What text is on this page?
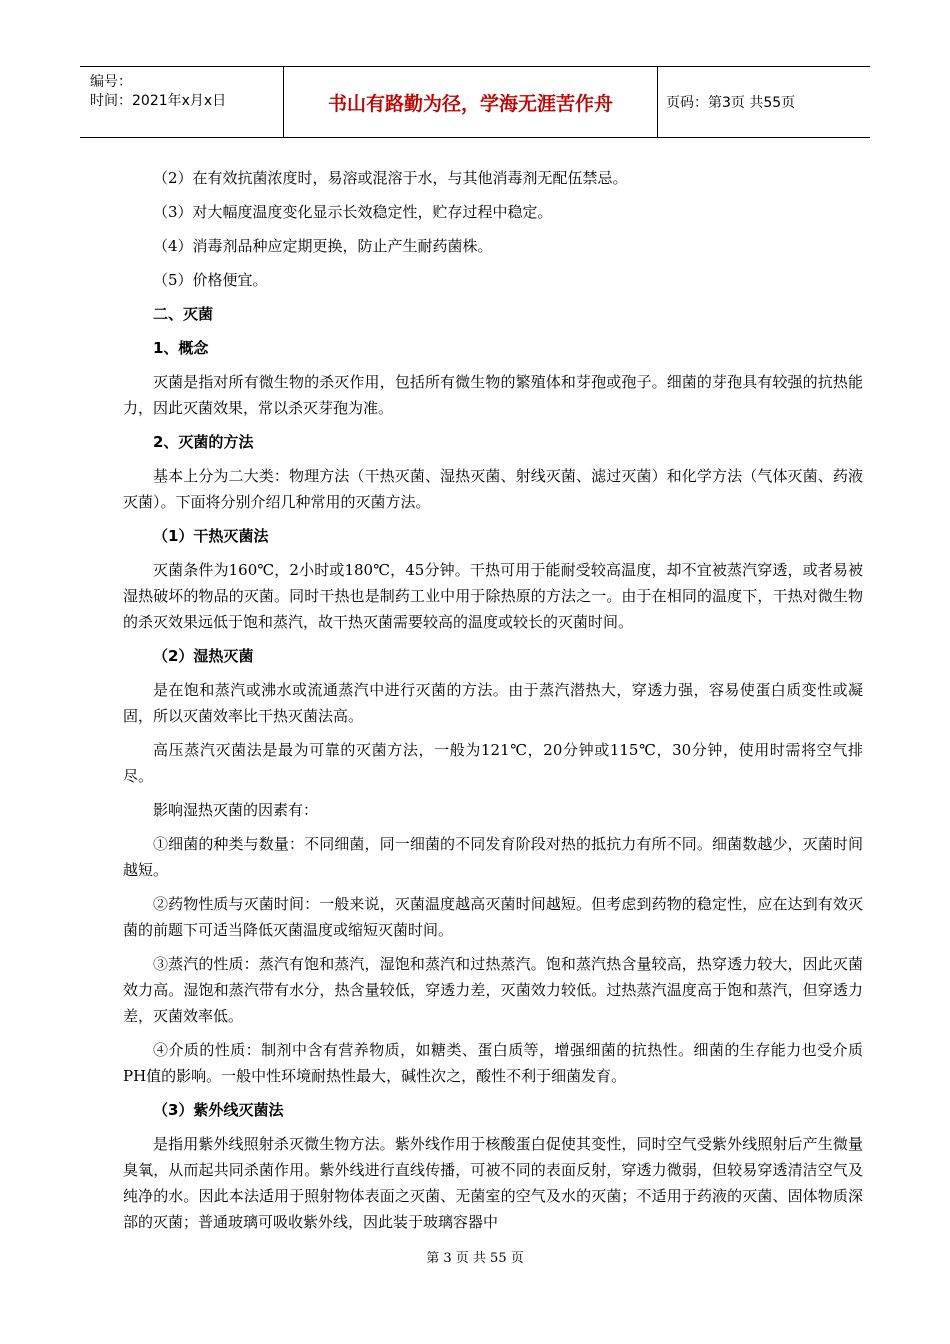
编号：
时间：2021年x月x日	书山有路勤为径，学海无涯苦作舟	页码：第3页 共55页
（2）在有效抗菌浓度时，易溶或混溶于水，与其他消毒剂无配伍禁忌。
（3）对大幅度温度变化显示长效稳定性，贮存过程中稳定。
（4）消毒剂品种应定期更换，防止产生耐药菌株。
（5）价格便宜。
二、灭菌
1、概念
灭菌是指对所有微生物的杀灭作用，包括所有微生物的繁殖体和芽孢或孢子。细菌的芽孢具有较强的抗热能力，因此灭菌效果，常以杀灭芽孢为准。
2、灭菌的方法
基本上分为二大类：物理方法（干热灭菌、湿热灭菌、射线灭菌、滤过灭菌）和化学方法（气体灭菌、药液灭菌）。下面将分别介绍几种常用的灭菌方法。
（1）干热灭菌法
灭菌条件为160℃，2小时或180℃，45分钟。干热可用于能耐受较高温度，却不宜被蒸汽穿透，或者易被湿热破坏的物品的灭菌。同时干热也是制药工业中用于除热原的方法之一。由于在相同的温度下，干热对微生物的杀灭效果远低于饱和蒸汽，故干热灭菌需要较高的温度或较长的灭菌时间。
（2）湿热灭菌
是在饱和蒸汽或沸水或流通蒸汽中进行灭菌的方法。由于蒸汽潜热大，穿透力强，容易使蛋白质变性或凝固，所以灭菌效率比干热灭菌法高。
高压蒸汽灭菌法是最为可靠的灭菌方法，一般为121℃，20分钟或115℃，30分钟，使用时需将空气排尽。
影响湿热灭菌的因素有：
①细菌的种类与数量：不同细菌，同一细菌的不同发育阶段对热的抵抗力有所不同。细菌数越少，灭菌时间越短。
②药物性质与灭菌时间：一般来说，灭菌温度越高灭菌时间越短。但考虑到药物的稳定性，应在达到有效灭菌的前题下可适当降低灭菌温度或缩短灭菌时间。
③蒸汽的性质：蒸汽有饱和蒸汽，湿饱和蒸汽和过热蒸汽。饱和蒸汽热含量较高，热穿透力较大，因此灭菌效力高。湿饱和蒸汽带有水分，热含量较低，穿透力差，灭菌效力较低。过热蒸汽温度高于饱和蒸汽，但穿透力差，灭菌效率低。
④介质的性质：制剂中含有营养物质，如糖类、蛋白质等，增强细菌的抗热性。细菌的生存能力也受介质PH值的影响。一般中性环境耐热性最大，碱性次之，酸性不利于细菌发育。
（3）紫外线灭菌法
是指用紫外线照射杀灭微生物方法。紫外线作用于核酸蛋白促使其变性，同时空气受紫外线照射后产生微量臭氧，从而起共同杀菌作用。紫外线进行直线传播，可被不同的表面反射，穿透力微弱，但较易穿透清洁空气及纯净的水。因此本法适用于照射物体表面之灭菌、无菌室的空气及水的灭菌；不适用于药液的灭菌、固体物质深部的灭菌；普通玻璃可吸收紫外线，因此装于玻璃容器中
第 3 页 共 55 页
